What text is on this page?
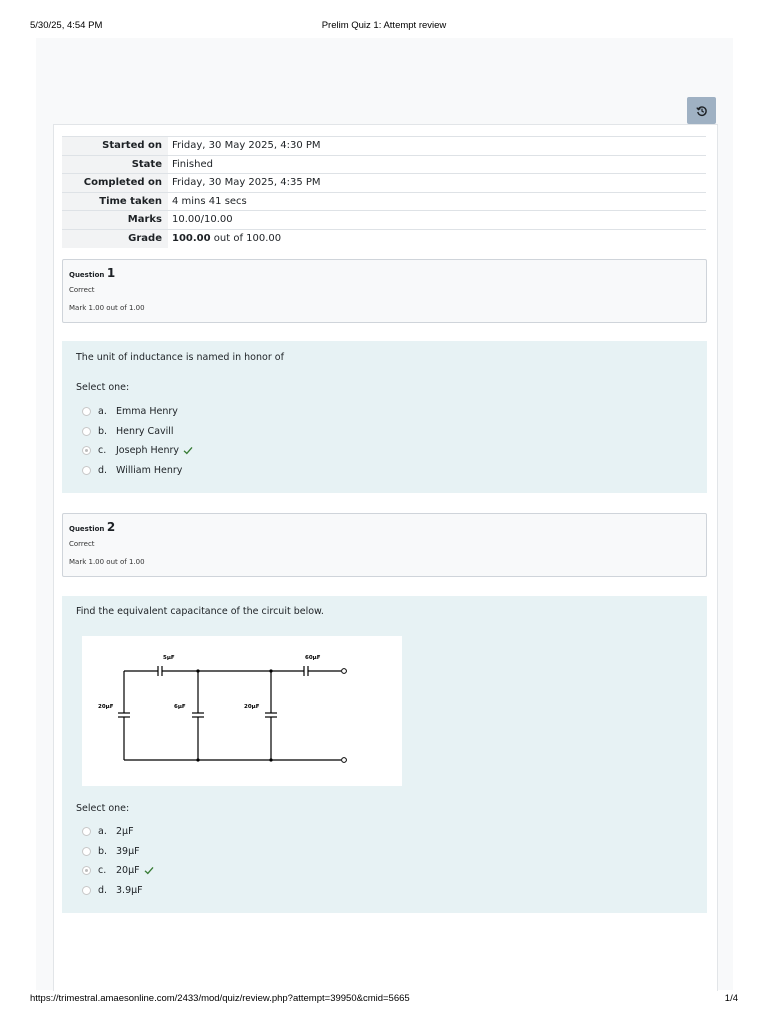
5/30/25, 4:54 PM	Prelim Quiz 1: Attempt review
Started on	Friday, 30 May 2025, 4:30 PM
State	Finished
Completed on	Friday, 30 May 2025, 4:35 PM
Time taken	4 mins 41 secs
Marks	10.00/10.00
Grade	100.00 out of 100.00
Question 1
Correct
Mark 1.00 out of 1.00
The unit of inductance is named in honor of
Select one:
a. Emma Henry
b. Henry Cavill
c.	Joseph Henry
d. William Henry
Question 2
Correct
Mark 1.00 out of 1.00
Find the equivalent capacitance of the circuit below.
5μF	60μF
20μF	6μF	20μF
Select one:
a. 2μF
b. 39μF
c.	20μF
d. 3.9μF
https://trimestral.amaesonline.com/2433/mod/quiz/review.php?attempt=39950&cmid=5665	1/4
